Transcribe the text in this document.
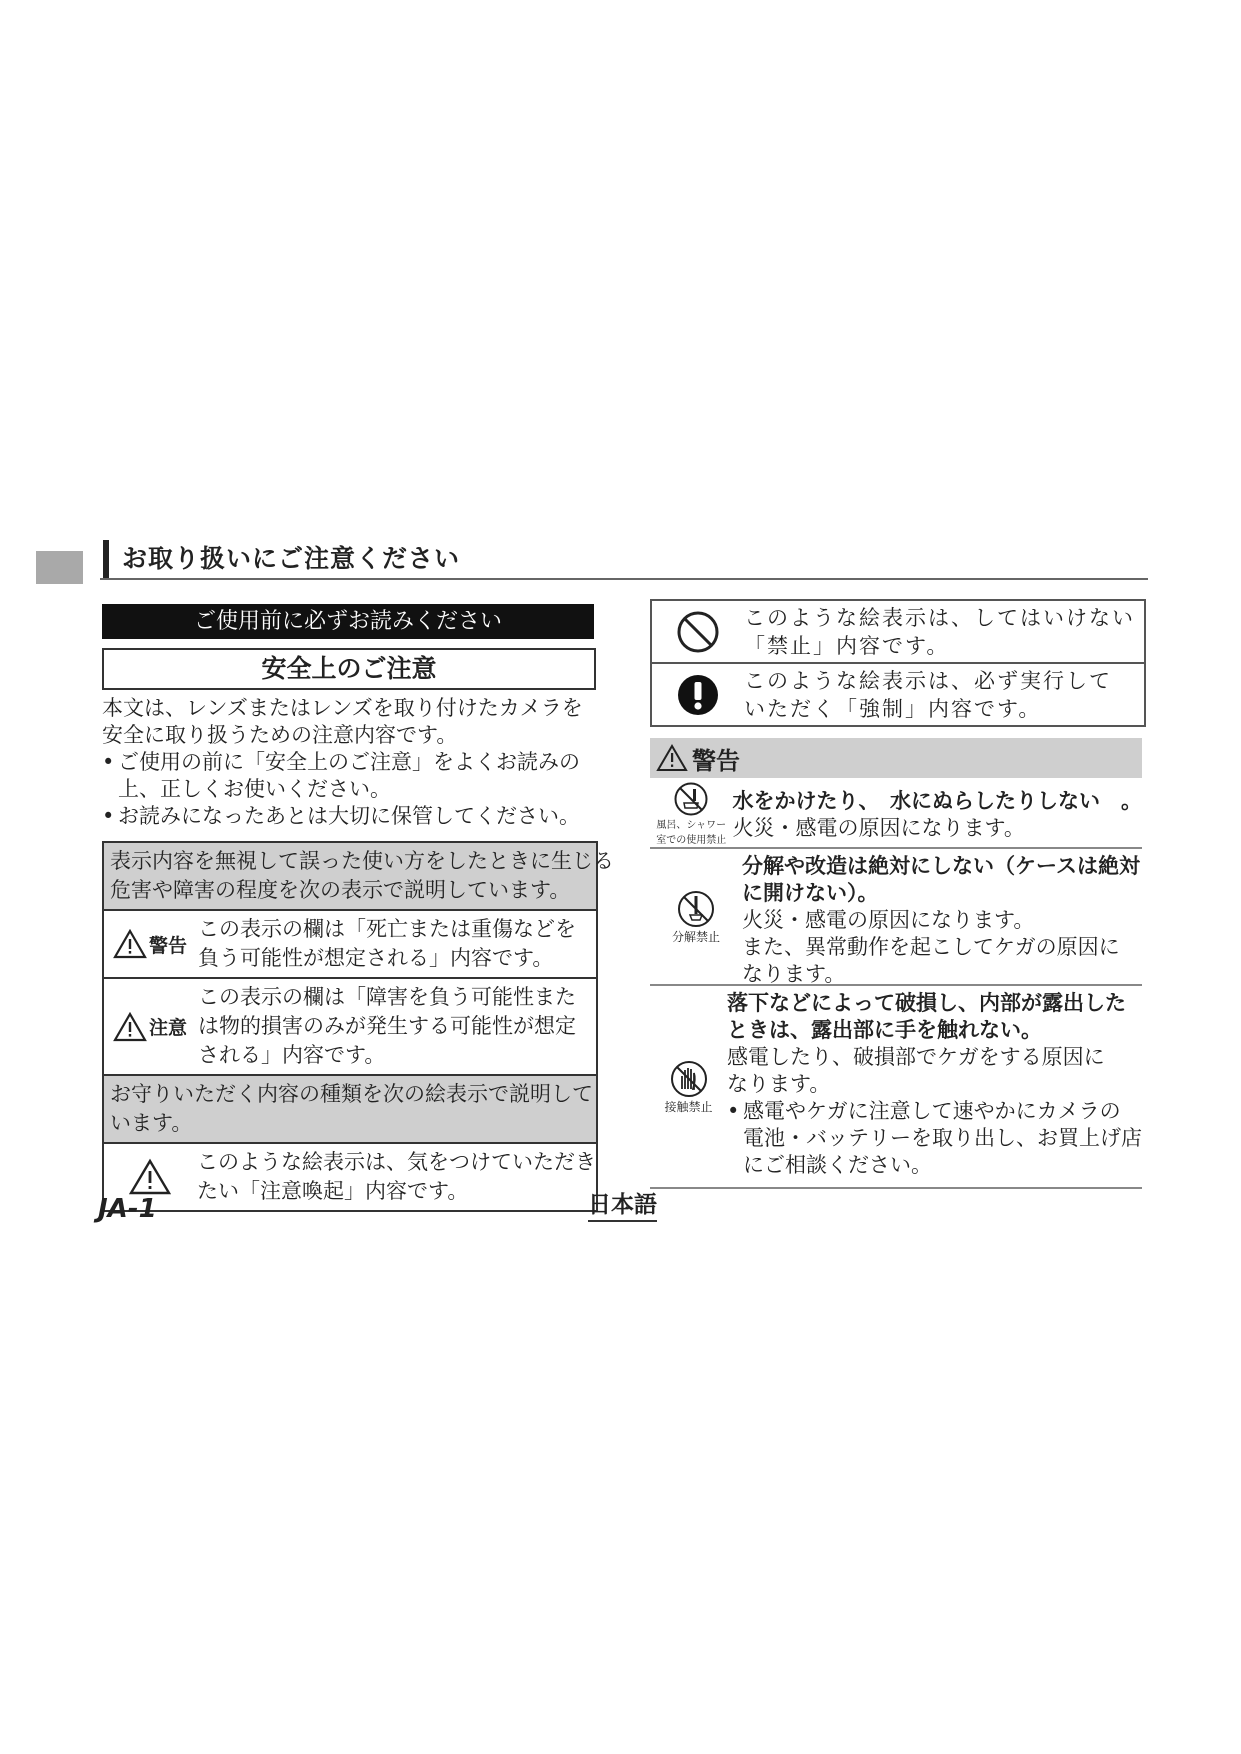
お取り扱いにご注意ください
ご使用前に必ずお読みください
安全上のご注意

本文は、レンズまたはレンズを取り付けたカメラを

安全に取り扱うための注意内容です。

• ご使用の前に「安全上のご注意」をよくお読みの

上、正しくお使いください。

• お読みになったあとは大切に保管してください。

表示内容を無視して誤った使い方をしたときに生じる
危害や障害の程度を次の表示で説明しています。
警告
この表示の欄は「死亡または重傷などを
負う可能性が想定される」内容です。
注意
この表示の欄は「障害を負う可能性また
は物的損害のみが発生する可能性が想定
される」内容です。
お守りいただく内容の種類を次の絵表示で説明して
います。
このような絵表示は、気をつけていただき
たい「注意喚起」内容です。
このような絵表示は、してはいけない
「禁止」内容です。
このような絵表示は、必ず実行して
いただく「強制」内容です。
警告
風呂、シャワー
室での使用禁止

水をかけたり、　水にぬらしたりしない　。

火災・感電の原因になります。

分解禁止

分解や改造は絶対にしない（ケースは絶対

に開けない）。

火災・感電の原因になります。

また、異常動作を起こしてケガの原因に

なります。

接触禁止

落下などによって破損し、内部が露出した

ときは、露出部に手を触れない。

感電したり、破損部でケガをする原因に

なります。

• 感電やケガに注意して速やかにカメラの

電池・バッテリーを取り出し、お買上げ店

にご相談ください。

JA-1	日本語
